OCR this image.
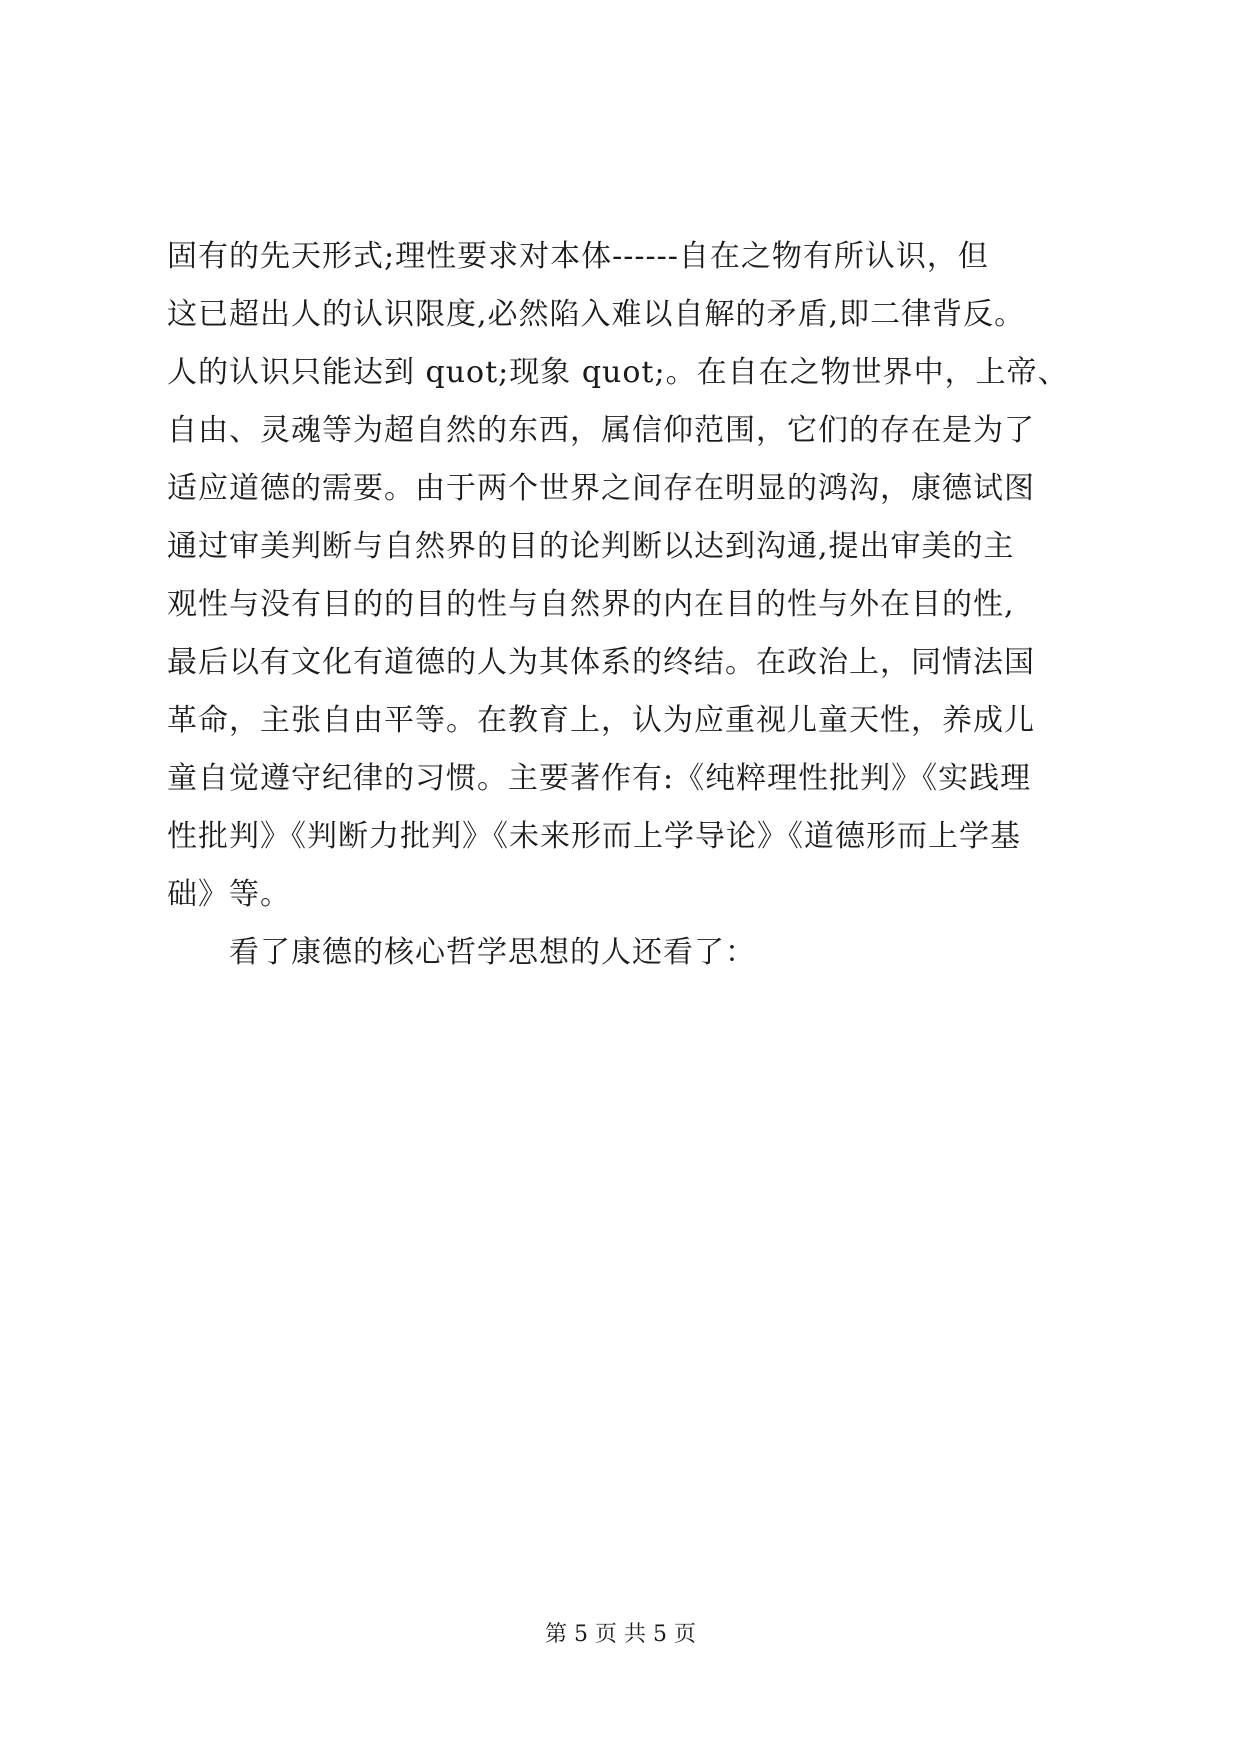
固有的先天形式;理性要求对本体------自在之物有所认识，但
这已超出人的认识限度,必然陷入难以自解的矛盾,即二律背反。
人的认识只能达到 quot;现象 quot;。在自在之物世界中，上帝、
自由、灵魂等为超自然的东西，属信仰范围，它们的存在是为了
适应道德的需要。由于两个世界之间存在明显的鸿沟，康德试图
通过审美判断与自然界的目的论判断以达到沟通,提出审美的主
观性与没有目的的目的性与自然界的内在目的性与外在目的性,
最后以有文化有道德的人为其体系的终结。在政治上，同情法国
革命，主张自由平等。在教育上，认为应重视儿童天性，养成儿
童自觉遵守纪律的习惯。主要著作有:《纯粹理性批判》《实践理
性批判》《判断力批判》《未来形而上学导论》《道德形而上学基
础》等。
看了康德的核心哲学思想的人还看了：
第 5 页 共 5 页
